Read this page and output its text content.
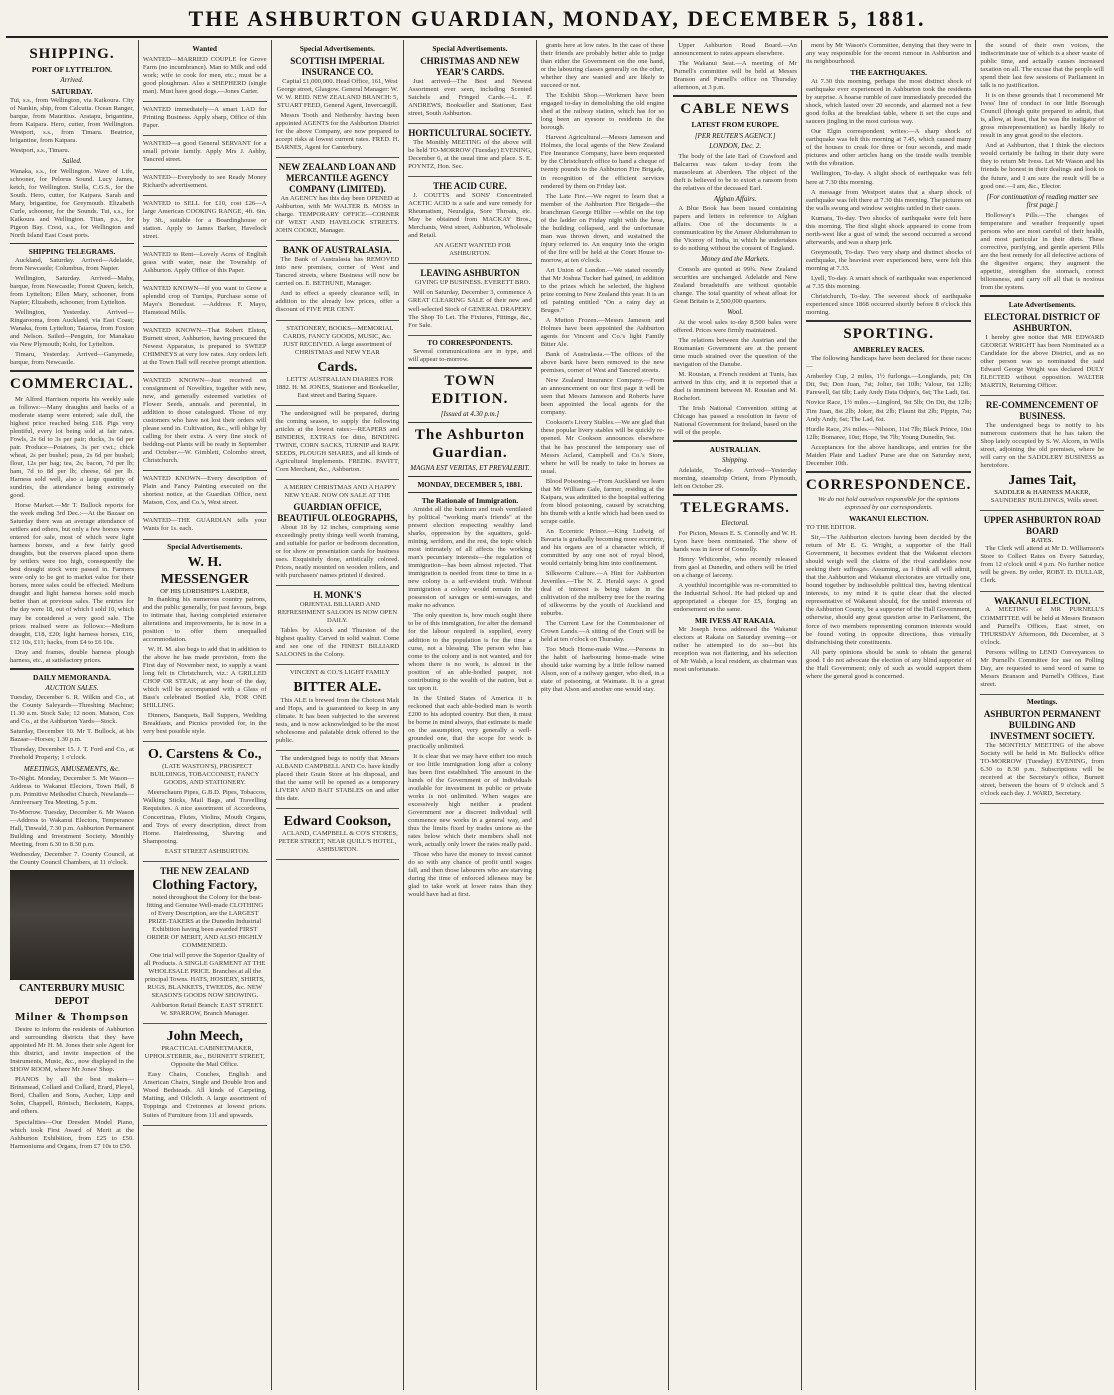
THE ASHBURTON GUARDIAN, MONDAY, DECEMBER 5, 1881.
SHIPPING.
PORT OF LYTTELTON.
Arrived.
SATURDAY.

Tui, s.s., from Wellington, via Kaikoura. City of Nankin, ship, from Calcutta. Ocean Ranger, barque, from Mauritius. Aratapu, brigantine, from Kaipara. Hero, cutter, from Wellington. Westport, s.s., from Timaru. Beatrice, brigantine, from Kaipara.

Westport, s.s., Timaru.

Sailed.

Wanaka, s.s., for Wellington. Wave of Life, schooner, for Pelorus Sound. Lucy James, ketch, for Wellington. Stella, C.G.S., for the South. Hero, cutter, for Kaipara. Sarah and Mary, brigantine, for Greymouth. Elizabeth Curle, schooner, for the Sounds. Tui, s.s., for Kaikoura and Wellington. Titan, p.s., for Pigeon Bay. Crest, s.s., for Wellington and North Island East Coast ports.

SHIPPING TELEGRAMS.

Auckland, Saturday. Arrived—Adelaide, from Newcastle; Columbus, from Napier.

Wellington, Saturday. Arrived—Mahy, barque, from Newcastle; Forest Queen, ketch, from Lyttelton; Ellen Mary, schooner, from Napier; Elizabeth, schooner, from Lyttelton.

Wellington, Yesterday. Arrived—Ringarooma, from Auckland, via East Coast; Wanaka, from Lyttelton; Taiaroa, from Foxton and Nelson. Sailed—Penguin, for Manakau via New Plymouth; Kohi, for Lyttelton.

Timaru, Yesterday. Arrived—Ganymede, barque, from Newcastle.

COMMERCIAL.

Mr Alfred Harrison reports his weekly sale as follows:—Many draughts and backs of a moderate stamp were entered; sale dull, the highest price reached being £18. Pigs very plentiful, every lot being sold at fair rates. Fowls, 2s 6d to 3s per pair; ducks, 3s 6d per pair. Produce—Potatoes, 3s per cwt.; chick wheat, 2s per bushel; peas, 2s 6d per bushel; flour, 12s per bag; tea, 2s; bacon, 7d per lb; ham, 7d to 8d per lb; cheese, 6d per lb. Harness sold well, also a large quantity of sundries, the attendance being extremely good.

Horse Market.—Mr T. Bullock reports for the week ending 3rd Dec.:—At the Bazaar on Saturday there was an average attendance of settlers and others, but only a few horses were entered for sale, most of which were light harness horses, and a few fairly good draughts, but the reserves placed upon them by settlers were too high, consequently the best draught stock were passed in. Farmers were only to be got to market value for their horses, more sales could be effected. Medium draught and light harness horses sold much better than at previous sales. The entries for the day were 18, out of which I sold 10, which may be considered a very good sale. The prices realised were as follows:—Medium draught, £18, £20; light harness horses, £16, £12 10s, £11; hacks, from £4 to £6 10s.

Dray and frames, double harness plough harness, etc., at satisfactory prices.

DAILY MEMORANDA.
AUCTION SALES.

Tuesday, December 6. R. Wilkin and Co., at the County Saleyards—Threshing Machine; 11.30 a.m. Stock Sale; 12 noon. Matson, Cox and Co., at the Ashburton Yards—Stock.

Saturday, December 10. Mr T. Bullock, at his Bazaar—Horses; 1.30 p.m.

Thursday, December 15. J. T. Ford and Co., at Freehold Property; 1 o'clock.

MEETINGS, AMUSEMENTS, &c.

To-Night. Monday, December 5. Mr Wason—Address to Wakanui Electors, Town Hall, 8 p.m. Primitive Methodist Church, Newlands—Anniversary Tea Meeting, 5 p.m.

To-Morrow. Tuesday, December 6. Mr Wason—Address to Wakanui Electors, Temperance Hall, Tinwald, 7.30 p.m. Ashburton Permanent Building and Investment Society, Monthly Meeting, from 6.30 to 8.30 p.m.

Wednesday, December 7. County Council, at the County Council Chambers, at 11 o'clock.

CANTERBURY MUSIC DEPOT
Milner & Thompson

Desire to inform the residents of Ashburton and surrounding districts that they have appointed Mr H. M. Jones their sole Agent for this district, and invite inspection of the Instruments, Music, &c., now displayed in the SHOW ROOM, where Mr Jones' Shop.

PIANOS by all the best makers—Brinsmead, Collard and Collard, Erard, Pleyel, Bord, Challen and Sons, Aucher, Lipp and Sohn, Chappell, Rönisch, Beckstein, Kapps, and others.

Specialities—Our Dresden Model Piano, which took First Award of Merit at the Ashburton Exhibition, from £25 to £50. Harmoniums and Organs, from £7 10s to £50.

Wanted

WANTED—MARRIED COUPLE for Grove Farm (no incumbrance). Man to Milk and odd work; wife to cook for men, etc.; must be a good ploughman. Also a SHEPHERD (single man). Must have good dogs.—Jones Carter.

WANTED immediately—A smart LAD for Printing Business. Apply sharp, Office of this Paper.

WANTED—a good General SERVANT for a small private family. Apply Mrs J. Ashby, Tancred street.

WANTED—Everybody to see Ready Money Richard's advertisement.

WANTED to SELL for £10, cost £26—A large American COOKING RANGE, 4ft. 6in. by 3ft., suitable for a Boardinghouse or station. Apply to James Barker, Havelock street.

WANTED to Rent—Lovely Acres of English grass with water, near the Township of Ashburton. Apply Office of this Paper.

WANTED KNOWN—If you want to Grow a splendid crop of Turnips, Purchase some of Mayo's Bonedust. —Address F. Mayo, Hamstead Mills.

WANTED KNOWN—That Robert Elston, Burnett street, Ashburton, having procured the Newest Apparatus, is prepared to SWEEP CHIMNEYS at very low rates. Any orders left at the Town Hall will receive prompt attention.

WANTED KNOWN—Just received on consignment of Novelties, together with new, new, and generally esteemed varieties of Flower Seeds, annuals and perennial, in addition to those catalogued. Those of my customers who have not lost their orders will please send in. Cultivation, &c., will oblige by calling for their extra. A very fine stock of bedding-out Plants will be ready in September and October.—W. Gimblett, Colombo street, Christchurch.

WANTED KNOWN—Every description of Plain and Fancy Painting executed on the shortest notice, at the Guardian Office, next Matson, Cox, and Co.'s, West street.

WANTED—THE GUARDIAN tells your Wants for 1s. each.

Special Advertisements.
W. H. MESSENGER
OF HIS LORDSHIP'S LARDER,

In thanking his numerous country patrons, and the public generally, for past favours, begs to intimate that, having completed extensive alterations and improvements, he is now in a position to offer them unequalled accommodation.

W. H. M. also begs to add that in addition to the above he has made provision, from the First day of November next, to supply a want long felt in Christchurch, viz.: A GRILLED CHOP OR STEAK, at any hour of the day, which will be accompanied with a Glass of Bass's celebrated Bottled Ale, FOR ONE SHILLING.

Dinners, Banquets, Ball Suppers, Wedding Breakfasts, and Picnics provided for, in the very best possible style.

O. Carstens & Co.,

(LATE WASTON'S), PROSPECT BUILDINGS, TOBACCONIST, FANCY GOODS, AND STATIONERY.

Meerschaum Pipes, G.B.D. Pipes, Tobaccos, Walking Sticks, Mail Bags, and Travelling Requisites. A nice assortment of Accordeons, Concertinas, Flutes, Violins, Mouth Organs, and Toys of every description, direct from Home. Hairdressing, Shaving and Shampooing.

EAST STREET ASHBURTON.

THE NEW ZEALAND
Clothing Factory,

noted throughout the Colony for the best-fitting and Genuine Well-made CLOTHING of Every Description, are the LARGEST PRIZE-TAKERS at the Dunedin Industrial Exhibition having been awarded FIRST ORDER OF MERIT, AND ALSO HIGHLY COMMENDED.

One trial will prove the Superior Quality of all Products. A SINGLE GARMENT AT THE WHOLESALE PRICE. Branches at all the principal Towns. HATS, HOSIERY, SHIRTS, RUGS, BLANKETS, TWEEDS, &c. NEW SEASON'S GOODS NOW SHOWING.

Ashburton Retail Branch: EAST STREET. W. SPARROW, Branch Manager.

John Meech,

PRACTICAL CABINETMAKER, UPHOLSTERER, &c., BURNETT STREET, Opposite the Mail Office.

Easy Chairs, Couches, English and American Chairs, Single and Double Iron and Wood Bedsteads. All kinds of Carpeting, Matting, and Oilcloth. A large assortment of Toppings and Cretonnes at lowest prices. Suites of Furniture from 11l and upwards.

Special Advertisements.
SCOTTISH IMPERIAL INSURANCE CO.

Capital £1,000,000. Head Office, 161, West George street, Glasgow. General Manager: W. W. W. REID. NEW ZEALAND BRANCH: 5, STUART FEED, General Agent, Invercargill.

Messrs Tooth and Nethersby having been appointed AGENTS for the Ashburton District for the above Company, are now prepared to accept risks at lowest current rates. FRED. H. BARNES, Agent for Canterbury.

NEW ZEALAND LOAN AND MERCANTILE AGENCY COMPANY (LIMITED).

An AGENCY has this day been OPENED at Ashburton, with Mr WALTER B. MOSS in charge. TEMPORARY OFFICE—CORNER OF WEST AND HAVELOCK STREETS. JOHN COOKE, Manager.

BANK OF AUSTRALASIA.

The Bank of Australasia has REMOVED into new premises, corner of West and Tancred streets, where Business will now be carried on. E. BETHUNE, Manager.

And to effect a speedy clearance will, in addition to the already low prices, offer a discount of FIVE PER CENT.

STATIONERY, BOOKS—MEMORIAL CARDS, FANCY GOODS, MUSIC, &c. JUST RECEIVED. A large assortment of CHRISTMAS and NEW YEAR

Cards.

LETTS' AUSTRALIAN DIARIES FOR 1882. H. M. JONES, Stationer and Bookseller, East street and Baring Square.

The undersigned will be prepared, during the coming season, to supply the following articles at the lowest rates:—REAPERS and BINDERS, EXTRAS for ditto, BINDING TWINE, CORN SACKS, TURNIP and RAPE SEEDS, PLOUGH SHARES, and all kinds of Agricultural Implements. FREDK. PAVITT, Corn Merchant, &c., Ashburton.

A MERRY CHRISTMAS AND A HAPPY NEW YEAR. NOW ON SALE AT THE

GUARDIAN OFFICE,
BEAUTIFUL OLEOGRAPHS,

About 18 by 12 inches, comprising some exceedingly pretty things well worth framing, and suitable for parlor or bedroom decoration, or for show or presentation cards for business uses. Exquisitely done, artistically colored. Prices, neatly mounted on wooden rollers, and with purchasers' names printed if desired.

H. MONK'S

ORIENTAL BILLIARD AND REFRESHMENT SALOON IS NOW OPEN DAILY.

Tables by Alcock and Thurston of the highest quality. Carved in solid walnut. Come and see one of the FINEST BILLIARD SALOONS in the Colony.

VINCENT & CO.'S LIGHT FAMILY

BITTER ALE.

This ALE is brewed from the Choicest Malt and Hops, and is guaranteed to keep in any climate. It has been subjected to the severest tests, and is now acknowledged to be the most wholesome and palatable drink offered to the public.

The undersigned begs to notify that Messrs ALBAND CAMPBELL AND Co. have kindly placed their Grain Store at his disposal, and that the same will be opened as a temporary LIVERY AND BAIT STABLES on and after this date.

Edward Cookson,

ACLAND, CAMPBELL & CO'S STORES, PETER STREET, NEAR QUILL'S HOTEL, ASHBURTON.

Special Advertisements.
CHRISTMAS AND NEW YEAR'S CARDS.

Just arrived—The Best and Newest Assortment ever seen, including Scented Satchels and Fringed Cards.—L. F. ANDREWS, Bookseller and Stationer, East street, South Ashburton.

HORTICULTURAL SOCIETY.

The Monthly MEETING of the above will be held TO-MORROW (Tuesday) EVENING, December 6, at the usual time and place. S. E. POYNTZ, Hon. Sec.

THE ACID CURE.

J. COUTTS and SONS' Concentrated ACETIC ACID is a safe and sure remedy for Rheumatism, Neuralgia, Sore Throats, etc. May be obtained from MACKAY Bros., Merchants, West street, Ashburton, Wholesale and Retail.

AN AGENT WANTED FOR ASHBURTON.

LEAVING ASHBURTON

GIVING UP BUSINESS. EVERETT BRO.

Will on Saturday, December 3, commence A GREAT CLEARING SALE of their new and well-selected Stock of GENERAL DRAPERY. The Shop To Let. The Fixtures, Fittings, &c., For Sale.

TO CORRESPONDENTS.

Several communications are in type, and will appear to-morrow.

TOWN EDITION.
[Issued at 4.30 p.m.]
The Ashburton Guardian.
MAGNA EST VERITAS, ET PREVALEBIT.
MONDAY, DECEMBER 5, 1881.
The Rationale of Immigration.

Amidst all the bunkum and trash ventilated by political "working man's friends" at the present election respecting wealthy land sharks, oppression by the squatters, gold-mining, serfdom, and the rest, the topic which most intimately of all affects the working man's pecuniary interests—the regulation of immigration—has been almost rejected. That immigration is needed from time to time in a new colony is a self-evident truth. Without immigration a colony would remain in the possession of savages or semi-savages, and make no advance.

The only question is, how much ought there to be of this immigration, for after the demand for the labour required is supplied, every addition to the population is for the time a curse, not a blessing. The person who has come to the colony and is not wanted, and for whom there is no work, is almost in the position of an able-bodied pauper, not contributing to the wealth of the nation, but a tax upon it.

In the United States of America it is reckoned that each able-bodied man is worth £200 to his adopted country. But then, it must be borne in mind always, that estimate is made on the assumption, very generally a well-grounded one, that the scope for work is practically unlimited.

It is clear that we may have either too much or too little immigration long after a colony has been first established. The amount in the hands of the Government or of individuals available for investment in public or private works is not unlimited. When wages are excessively high neither a prudent Government nor a discreet individual will commence new works in a general way, and thus the limits fixed by trades unions as the rates below which their members shall not work, actually only lower the rates really paid.

Those who have the money to invest cannot do so with any chance of profit until wages fall, and then those labourers who are starving during the time of enforced idleness may be glad to take work at lower rates than they would have had at first.

grants here at low rates. In the case of these their friends are probably better able to judge than either the Government on the one hand, or the labouring classes generally on the other, whether they are wanted and are likely to succeed or not.

The Exhibit Shop.—Workmen have been engaged to-day in demolishing the old engine shed at the railway station, which has for so long been an eyesore to residents in the borough.

Harvest Agricultural.—Messrs Jameson and Holmes, the local agents of the New Zealand Fire Insurance Company, have been requested by the Christchurch office to hand a cheque of twenty pounds to the Ashburton Fire Brigade, in recognition of the efficient services rendered by them on Friday last.

The Late Fire.—We regret to learn that a member of the Ashburton Fire Brigade—the branchman George Hillier —while on the top of the ladder on Friday night with the hose, the building collapsed, and the unfortunate man was thrown down, and sustained the injury referred to. An enquiry into the origin of the fire will be held at the Court House to-morrow, at ten o'clock.

Art Union of London.—We stated recently that Mr Joshua Tucker had gained, in addition to the prizes which he selected, the highest prize coming to New Zealand this year. It is an oil painting entitled "On a rainy day at Bruges."

A Mutton Frozen.—Messrs Jameson and Holmes have been appointed the Ashburton agents for Vincent and Co.'s light Family Bitter Ale.

Bank of Australasia.—The offices of the above bank have been removed to the new premises, corner of West and Tancred streets.

New Zealand Insurance Company.—From an announcement on our first page it will be seen that Messrs Jameson and Roberts have been appointed the local agents for the company.

Cookson's Livery Stables.—We are glad that these popular livery stables will be quickly re-opened. Mr Cookson announces elsewhere that he has procured the temporary use of Messrs Acland, Campbell and Co.'s Store, where he will be ready to take in horses as usual.

Blood Poisoning.—From Auckland we learn that Mr William Gale, farmer, residing at the Kaipara, was admitted to the hospital suffering from blood poisoning, caused by scratching his thumb with a knife which had been used to scrape cattle.

An Eccentric Prince.—King Ludwig of Bavaria is gradually becoming more eccentric, and his organs are of a character which, if committed by any one not of royal blood, would certainly bring him into confinement.

Silkworm Culture.—A Hint for Ashburton Juveniles.—The N. Z. Herald says: A good deal of interest is being taken in the cultivation of the mulberry tree for the rearing of silkworms by the youth of Auckland and suburbs.

The Current Law for the Commissioner of Crown Lands.—A sitting of the Court will be held at ten o'clock on Thursday.

Too Much Home-made Wine.—Persons in the habit of harbouring home-made wine should take warning by a little fellow named Alson, son of a railway ganger, who died, in a state of poisoning, at Waimate. It is a great pity that Alson and another one would stay.

Upper Ashburton Road Board.—An announcement to rates appears elsewhere.

The Wakanui Seat.—A meeting of Mr Purnell's committee will be held at Messrs Branson and Purnell's office on Thursday afternoon, at 3 p.m.

CABLE NEWS
LATEST FROM EUROPE.
[PER REUTER'S AGENCY.]
LONDON, Dec. 2.

The body of the late Earl of Crawford and Balcarres was taken to-day from the mausoleum at Aberdeen. The object of the theft is believed to be to extort a ransom from the relatives of the deceased Earl.

Afghan Affairs.

A Blue Book has been issued containing papers and letters in reference to Afghan affairs. One of the documents is a communication by the Ameer Abdurrahman to the Viceroy of India, in which he undertakes to do nothing without the consent of England.

Money and the Markets.

Consols are quoted at 99¾. New Zealand securities are unchanged. Adelaide and New Zealand breadstuffs are without quotable change. The total quantity of wheat afloat for Great Britain is 2,500,000 quarters.

Wool.

At the wool sales to-day 8,500 bales were offered. Prices were firmly maintained.

The relations between the Austrian and the Roumanian Government are at the present time much strained over the question of the navigation of the Danube.

M. Roustan, a French resident at Tunis, has arrived in this city, and it is reported that a duel is imminent between M. Roustan and M. Rochefort.

The Irish National Convention sitting at Chicago has passed a resolution in favor of National Government for Ireland, based on the will of the people.

AUSTRALIAN.
Shipping.

Adelaide, To-day. Arrived—Yesterday morning, steamship Orient, from Plymouth, left on October 29.

TELEGRAMS.
Electoral.

For Picton, Messrs E. S. Connolly and W. H. Lyon have been nominated. The show of hands was in favor of Connolly.

Henry Whitcombe, who recently released from gaol at Dunedin, and others will be tried on a charge of larceny.

A youthful incorrigible was re-committed to the Industrial School. He had picked up and appropriated a cheque for £5, forging an endorsement on the same.

MR IVESS AT RAKAIA.

Mr Joseph Ivess addressed the Wakanui electors at Rakaia on Saturday evening—or rather he attempted to do so—but his reception was not flattering, and his selection of Mr Walsh, a local resident, as chairman was most unfortunate.

ment by Mr Wason's Committee, denying that they were in any way responsible for the recent rumour in Ashburton and its neighbourhood.

THE EARTHQUAKES.

At 7.30 this morning, perhaps the most distinct shock of earthquake ever experienced in Ashburton took the residents by surprise. A hoarse rumble of rare immediately preceded the shock, which lasted over 20 seconds, and alarmed not a few good folks at the breakfast table, where it set the cups and saucers jingling in the most curious way.

Our Elgin correspondent writes:—A sharp shock of earthquake was felt this morning at 7.45, which caused many of the houses to creak for three or four seconds, and made pictures and other articles hang on the inside walls tremble with the vibration.

Wellington, To-day. A slight shock of earthquake was felt here at 7.30 this morning.

A message from Westport states that a sharp shock of earthquake was felt there at 7.30 this morning. The pictures on the walls swung and window weights rattled in their cases.

Kumara, To-day. Two shocks of earthquake were felt here this morning. The first slight shock appeared to come from north-west like a gust of wind; the second occurred a second afterwards, and was a sharp jerk.

Greymouth, To-day. Two very sharp and distinct shocks of earthquake, the heaviest ever experienced here, were felt this morning at 7.33.

Lyell, To-day. A smart shock of earthquake was experienced at 7.35 this morning.

Christchurch, To-day. The severest shock of earthquake experienced since 1868 occurred shortly before 8 o'clock this morning.

SPORTING.
AMBERLEY RACES.

The following handicaps have been declared for these races:—

Amberley Cup, 2 miles, 1½ furlongs.—Longlands, pst; On Dit, 9st; Don Juan, 7st; Jolter, 6st 10lb; Valour, 6st 12lb; Farewell, 6st 6lb; Lady Andy Data Odpin's, 6st; The Ladi, 6st.

Novice Race, 1½ miles.—Lingford, 9st 5lb; On Dit, 8st 12lb; Tim Juan, 8st 2lb; Joker, 8st 2lb; Flaunt 8st 2lb; Pippin, 7st; Andy Andy, 6st; The Lad, 6st.

Hurdle Race, 2¼ miles.—Nilsson, 11st 7lb; Black Prince, 10st 12lb; Bomaree, 10st; Hope, 9st 7lb; Young Dunedin, 9st.

Acceptances for the above handicaps, and entries for the Maiden Plate and Ladies' Purse are due on Saturday next, December 10th.

CORRESPONDENCE.

We do not hold ourselves responsible for the opinions expressed by our correspondents.

WAKANUI ELECTION.

TO THE EDITOR.

Sir,—The Ashburton electors having been decided by the return of Mr E. G. Wright, a supporter of the Hall Government, it becomes evident that the Wakanui electors should weigh well the claims of the rival candidates now seeking their suffrages. Assuming, as I think all will admit, that the Ashburton and Wakanui electorates are virtually one, bound together by indissoluble political ties, having identical interests, to my mind it is quite clear that the elected representative of Wakanui should, for the united interests of the Ashburton County, be a supporter of the Hall Government, otherwise, should any great question arise in Parliament, the force of two members representing common interests would be found voting in opposite directions, thus virtually disfranchising their constituents.

All party opinions should be sunk to obtain the general good. I do not advocate the election of any blind supporter of the Hall Government; only of such as would support them where the general good is concerned.

the sound of their own voices, the indiscriminate use of which is a sheer waste of public time, and actually causes increased taxation on all. The excuse that the people will spend their last few sessions of Parliament in talk is no justification.

It is on these grounds that I recommend Mr Ivess' line of conduct in our little Borough Council (though quite prepared to admit, that is, allow, at least, that he was the instigator of gross misrepresentation) as hardly likely to result in any great good to the electors.

And at Ashburton, that I think the electors would certainly be failing in their duty were they to return Mr Ivess. Let Mr Wason and his friends be honest in their dealings and look to the future, and I am sure the result will be a good one.—I am, &c., Elector.

[For continuation of reading matter see first page.]

Holloway's Pills.—The changes of temperature and weather frequently upset persons who are most careful of their health, and most particular in their diets. These corrective, purifying, and gentle aperient Pills are the best remedy for all defective actions of the digestive organs; they augment the appetite, strengthen the stomach, correct biliousness, and carry off all that is noxious from the system.

Late Advertisements.
ELECTORAL DISTRICT OF ASHBURTON.

I hereby give notice that MR EDWARD GEORGE WRIGHT has been Nominated as a Candidate for the above District, and as no other person was so nominated the said Edward George Wright was declared DULY ELECTED without opposition. WALTER MARTIN, Returning Officer.

RE-COMMENCEMENT OF BUSINESS.

The undersigned begs to notify to his numerous customers that he has taken the Shop lately occupied by S. W. Alcorn, in Wills street, adjoining the old premises, where he will carry on the SADDLERY BUSINESS as heretofore.

James Tait,
SADDLER & HARNESS MAKER,

SAUNDERS' BUILDINGS, Wills street.

UPPER ASHBURTON ROAD BOARD
RATES.

The Clerk will attend at Mr D. Williamson's Store to Collect Rates on Every Saturday, from 12 o'clock until 4 p.m. No further notice will be given. By order, ROBT. D. DULLAR, Clerk.

WAKANUI ELECTION.

A MEETING of MR PURNELL'S COMMITTEE will be held at Messrs Branson and Purnell's Offices, East street, on THURSDAY Afternoon, 8th December, at 3 o'clock.

Persons willing to LEND Conveyances to Mr Purnell's Committee for use on Polling Day, are requested to send word of same to Messrs Branson and Purnell's Offices, East street.

Meetings.
ASHBURTON PERMANENT BUILDING AND INVESTMENT SOCIETY.

The MONTHLY MEETING of the above Society will be held in Mr. Bullock's office TO-MORROW (Tuesday) EVENING, from 6.30 to 8.30 p.m. Subscriptions will be received at the Secretary's office, Burnett street, between the hours of 9 o'clock and 5 o'clock each day. J. WARD, Secretary.
